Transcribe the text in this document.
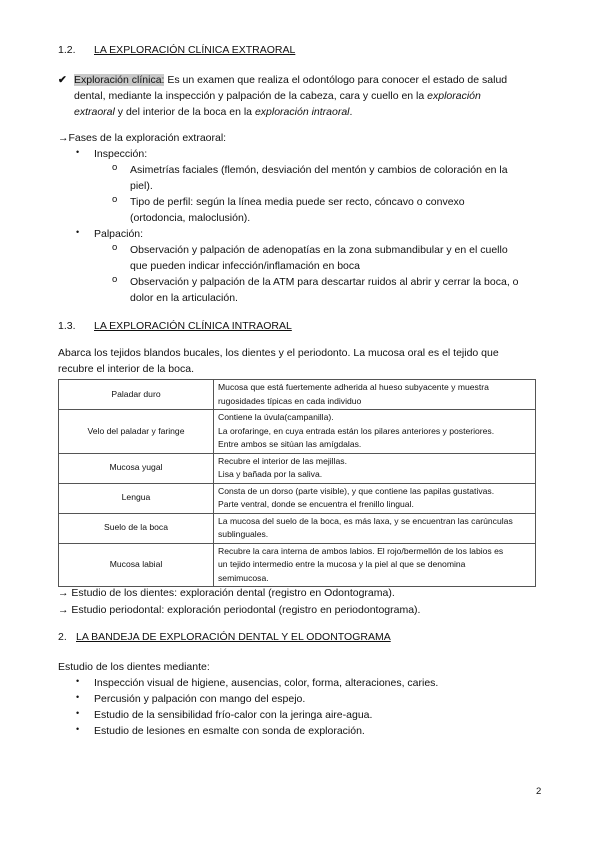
1.2. LA EXPLORACIÓN CLÍNICA EXTRAORAL
✔ Exploración clínica: Es un examen que realiza el odontólogo para conocer el estado de salud
dental, mediante la inspección y palpación de la cabeza, cara y cuello en la exploración
extraoral y del interior de la boca en la exploración intraoral.
→Fases de la exploración extraoral:
• Inspección:
o Asimetrías faciales (flemón, desviación del mentón y cambios de coloración en la
piel).
o Tipo de perfil: según la línea media puede ser recto, cóncavo o convexo
(ortodoncia, maloclusión).
• Palpación:
o Observación y palpación de adenopatías en la zona submandibular y en el cuello
que pueden indicar infección/inflamación en boca
o Observación y palpación de la ATM para descartar ruidos al abrir y cerrar la boca, o
dolor en la articulación.
1.3. LA EXPLORACIÓN CLÍNICA INTRAORAL
Abarca los tejidos blandos bucales, los dientes y el periodonto. La mucosa oral es el tejido que
recubre el interior de la boca.
Paladar duro	Mucosa que está fuertemente adherida al hueso subyacente y muestra
rugosidades típicas en cada individuo
Velo del paladar y faringe	Contiene la úvula(campanilla).
La orofaringe, en cuya entrada están los pilares anteriores y posteriores.
Entre ambos se sitúan las amígdalas.
Mucosa yugal	Recubre el interior de las mejillas.
Lisa y bañada por la saliva.
Lengua	Consta de un dorso (parte visible), y que contiene las papilas gustativas.
Parte ventral, donde se encuentra el frenillo lingual.
Suelo de la boca	La mucosa del suelo de la boca, es más laxa, y se encuentran las carúnculas
sublinguales.
Mucosa labial	Recubre la cara interna de ambos labios. El rojo/bermellón de los labios es
un tejido intermedio entre la mucosa y la piel al que se denomina
semimucosa.
→ Estudio de los dientes: exploración dental (registro en Odontograma).
→ Estudio periodontal: exploración periodontal (registro en periodontograma).
2. LA BANDEJA DE EXPLORACIÓN DENTAL Y EL ODONTOGRAMA
Estudio de los dientes mediante:
• Inspección visual de higiene, ausencias, color, forma, alteraciones, caries.
• Percusión y palpación con mango del espejo.
• Estudio de la sensibilidad frío-calor con la jeringa aire-agua.
• Estudio de lesiones en esmalte con sonda de exploración.
2
